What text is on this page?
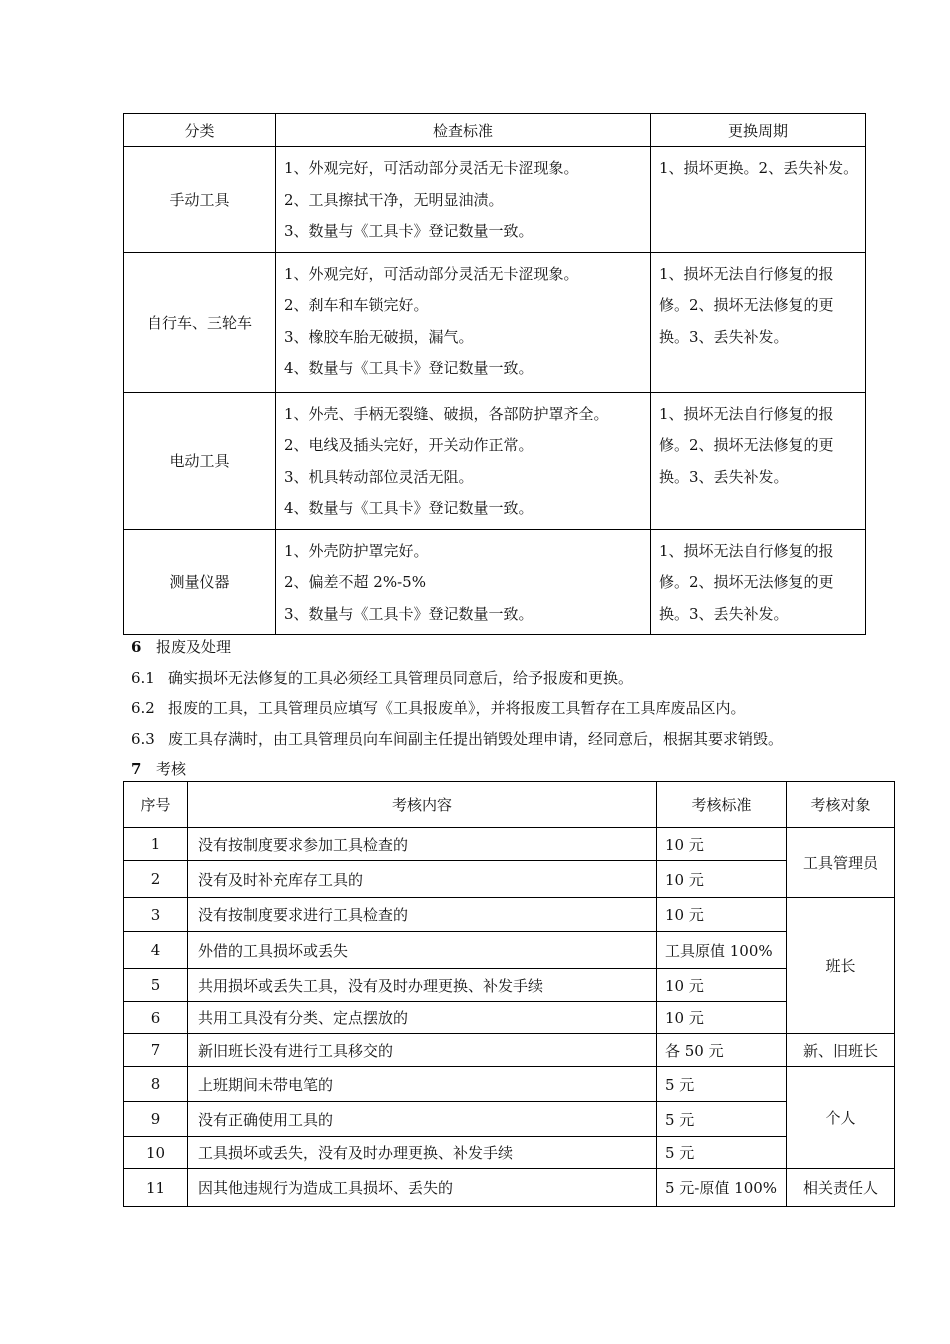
分类	检查标准	更换周期
手动工具	1、外观完好，可活动部分灵活无卡涩现象。
2、工具擦拭干净，无明显油渍。
3、数量与《工具卡》登记数量一致。	1、损坏更换。2、丢失补发。

自行车、三轮车	1、外观完好，可活动部分灵活无卡涩现象。
2、刹车和车锁完好。
3、橡胶车胎无破损，漏气。
4、数量与《工具卡》登记数量一致。	1、损坏无法自行修复的报
修。2、损坏无法修复的更
换。3、丢失补发。

电动工具	1、外壳、手柄无裂缝、破损，各部防护罩齐全。
2、电线及插头完好，开关动作正常。
3、机具转动部位灵活无阻。
4、数量与《工具卡》登记数量一致。	1、损坏无法自行修复的报
修。2、损坏无法修复的更
换。3、丢失补发。

测量仪器	1、外壳防护罩完好。
2、偏差不超 2%-5%
3、数量与《工具卡》登记数量一致。	1、损坏无法自行修复的报
修。2、损坏无法修复的更
换。3、丢失补发。
6 报废及处理
6.1 确实损坏无法修复的工具必须经工具管理员同意后，给予报废和更换。
6.2 报废的工具，工具管理员应填写《工具报废单》，并将报废工具暂存在工具库废品区内。
6.3 废工具存满时，由工具管理员向车间副主任提出销毁处理申请，经同意后，根据其要求销毁。
7 考核
序号	考核内容	考核标准	考核对象
1	没有按制度要求参加工具检查的	10 元	工具管理员
2	没有及时补充库存工具的	10 元	
3	没有按制度要求进行工具检查的	10 元	班长
4	外借的工具损坏或丢失	工具原值 100%	
5	共用损坏或丢失工具，没有及时办理更换、补发手续	10 元	
6	共用工具没有分类、定点摆放的	10 元	
7	新旧班长没有进行工具移交的	各 50 元	新、旧班长
8	上班期间未带电笔的	5 元	个人
9	没有正确使用工具的	5 元	
10	工具损坏或丢失，没有及时办理更换、补发手续	5 元	
11	因其他违规行为造成工具损坏、丢失的	5 元-原值 100%	相关责任人
